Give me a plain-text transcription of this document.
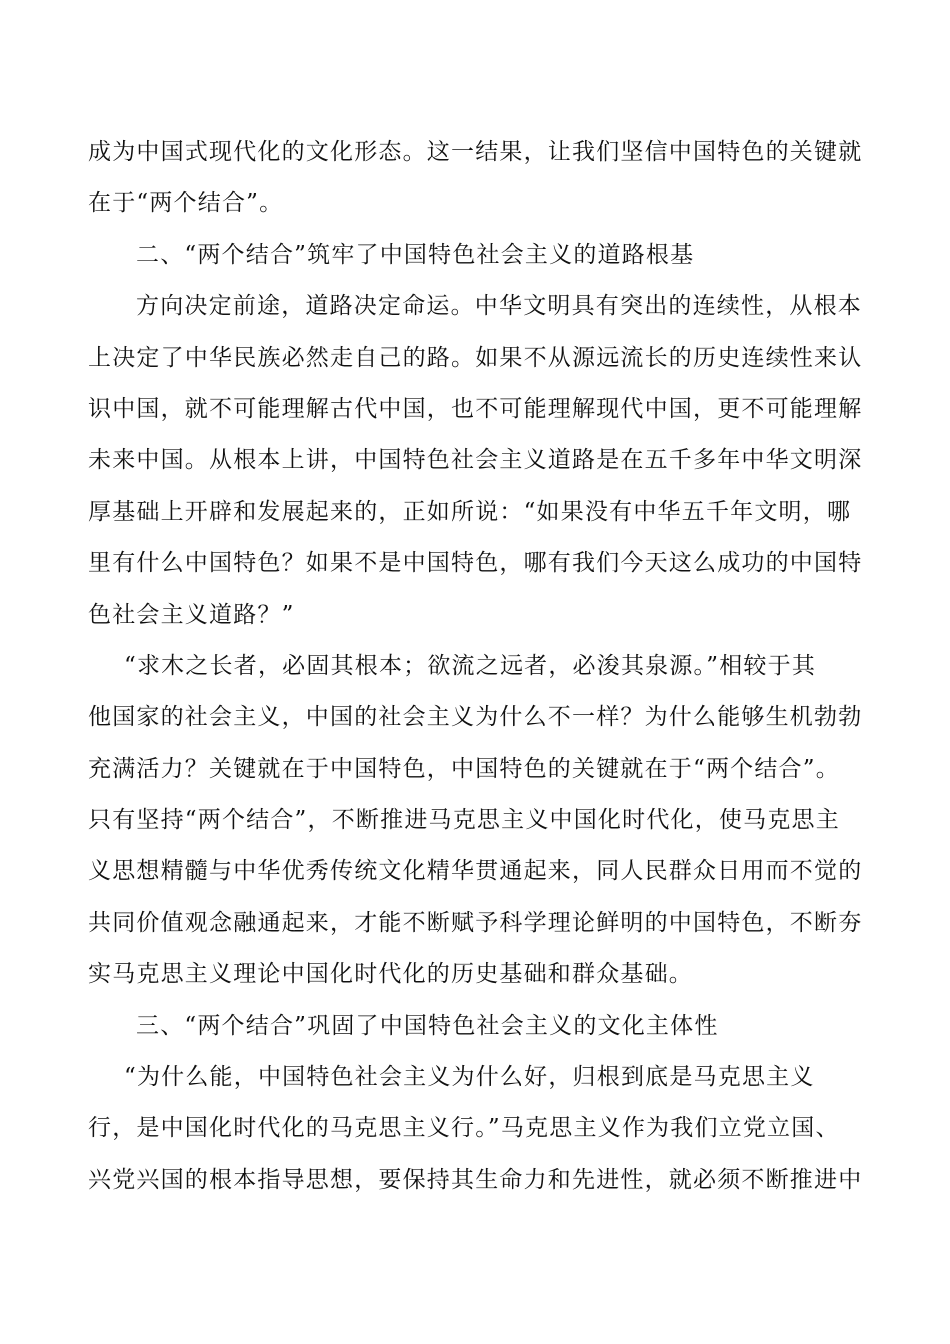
成为中国式现代化的文化形态。这一结果，让我们坚信中国特色的关键就
在于“两个结合”。
二、“两个结合”筑牢了中国特色社会主义的道路根基
方向决定前途，道路决定命运。中华文明具有突出的连续性，从根本
上决定了中华民族必然走自己的路。如果不从源远流长的历史连续性来认
识中国，就不可能理解古代中国，也不可能理解现代中国，更不可能理解
未来中国。从根本上讲，中国特色社会主义道路是在五千多年中华文明深
厚基础上开辟和发展起来的，正如所说：“如果没有中华五千年文明，哪
里有什么中国特色？如果不是中国特色，哪有我们今天这么成功的中国特
色社会主义道路？”
“求木之长者，必固其根本；欲流之远者，必浚其泉源。”相较于其
他国家的社会主义，中国的社会主义为什么不一样？为什么能够生机勃勃
充满活力？关键就在于中国特色，中国特色的关键就在于“两个结合”。
只有坚持“两个结合”，不断推进马克思主义中国化时代化，使马克思主
义思想精髓与中华优秀传统文化精华贯通起来，同人民群众日用而不觉的
共同价值观念融通起来，才能不断赋予科学理论鲜明的中国特色，不断夯
实马克思主义理论中国化时代化的历史基础和群众基础。
三、“两个结合”巩固了中国特色社会主义的文化主体性
“为什么能，中国特色社会主义为什么好，归根到底是马克思主义
行，是中国化时代化的马克思主义行。”马克思主义作为我们立党立国、
兴党兴国的根本指导思想，要保持其生命力和先进性，就必须不断推进中
